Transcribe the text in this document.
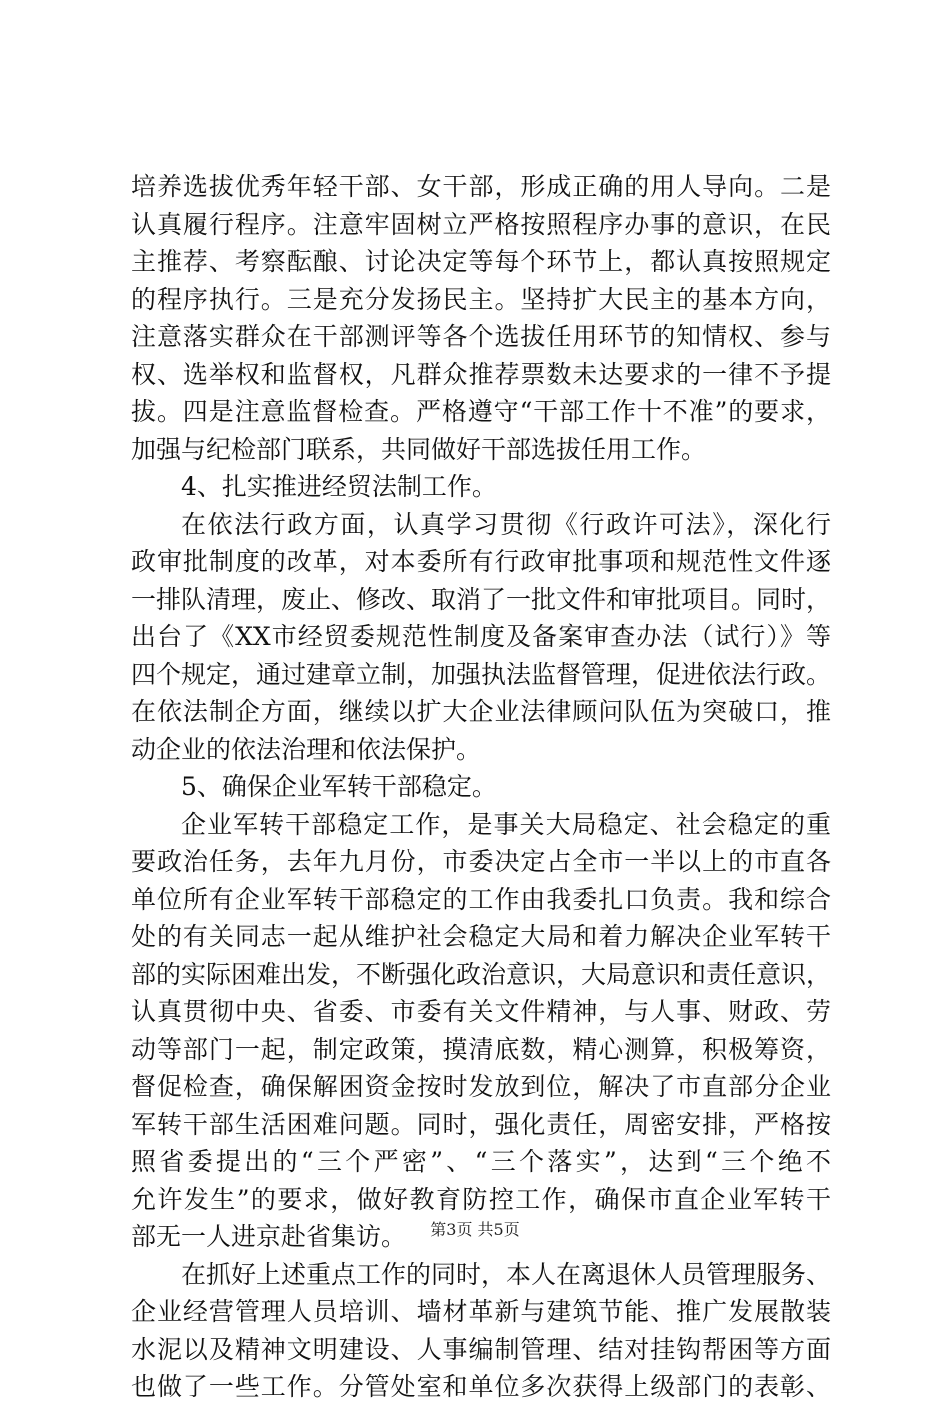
培养选拔优秀年轻干部、女干部，形成正确的用人导向。二是
认真履行程序。注意牢固树立严格按照程序办事的意识，在民
主推荐、考察酝酿、讨论决定等每个环节上，都认真按照规定
的程序执行。三是充分发扬民主。坚持扩大民主的基本方向，
注意落实群众在干部测评等各个选拔任用环节的知情权、参与
权、选举权和监督权，凡群众推荐票数未达要求的一律不予提
拔。四是注意监督检查。严格遵守“干部工作十不准”的要求，
加强与纪检部门联系，共同做好干部选拔任用工作。
4、扎实推进经贸法制工作。
在依法行政方面，认真学习贯彻《行政许可法》，深化行
政审批制度的改革，对本委所有行政审批事项和规范性文件逐
一排队清理，废止、修改、取消了一批文件和审批项目。同时，
出台了《XX市经贸委规范性制度及备案审查办法（试行）》等
四个规定，通过建章立制，加强执法监督管理，促进依法行政。
在依法制企方面，继续以扩大企业法律顾问队伍为突破口，推
动企业的依法治理和依法保护。
5、确保企业军转干部稳定。
企业军转干部稳定工作，是事关大局稳定、社会稳定的重
要政治任务，去年九月份，市委决定占全市一半以上的市直各
单位所有企业军转干部稳定的工作由我委扎口负责。我和综合
处的有关同志一起从维护社会稳定大局和着力解决企业军转干
部的实际困难出发，不断强化政治意识，大局意识和责任意识，
认真贯彻中央、省委、市委有关文件精神，与人事、财政、劳
动等部门一起，制定政策，摸清底数，精心测算，积极筹资，
督促检查，确保解困资金按时发放到位，解决了市直部分企业
军转干部生活困难问题。同时，强化责任，周密安排，严格按
照省委提出的“三个严密”、“三个落实”，达到“三个绝不
允许发生”的要求，做好教育防控工作，确保市直企业军转干
部无一人进京赴省集访。
在抓好上述重点工作的同时，本人在离退休人员管理服务、
企业经营管理人员培训、墙材革新与建筑节能、推广发展散装
水泥以及精神文明建设、人事编制管理、结对挂钩帮困等方面
也做了一些工作。分管处室和单位多次获得上级部门的表彰、
第3页 共5页
